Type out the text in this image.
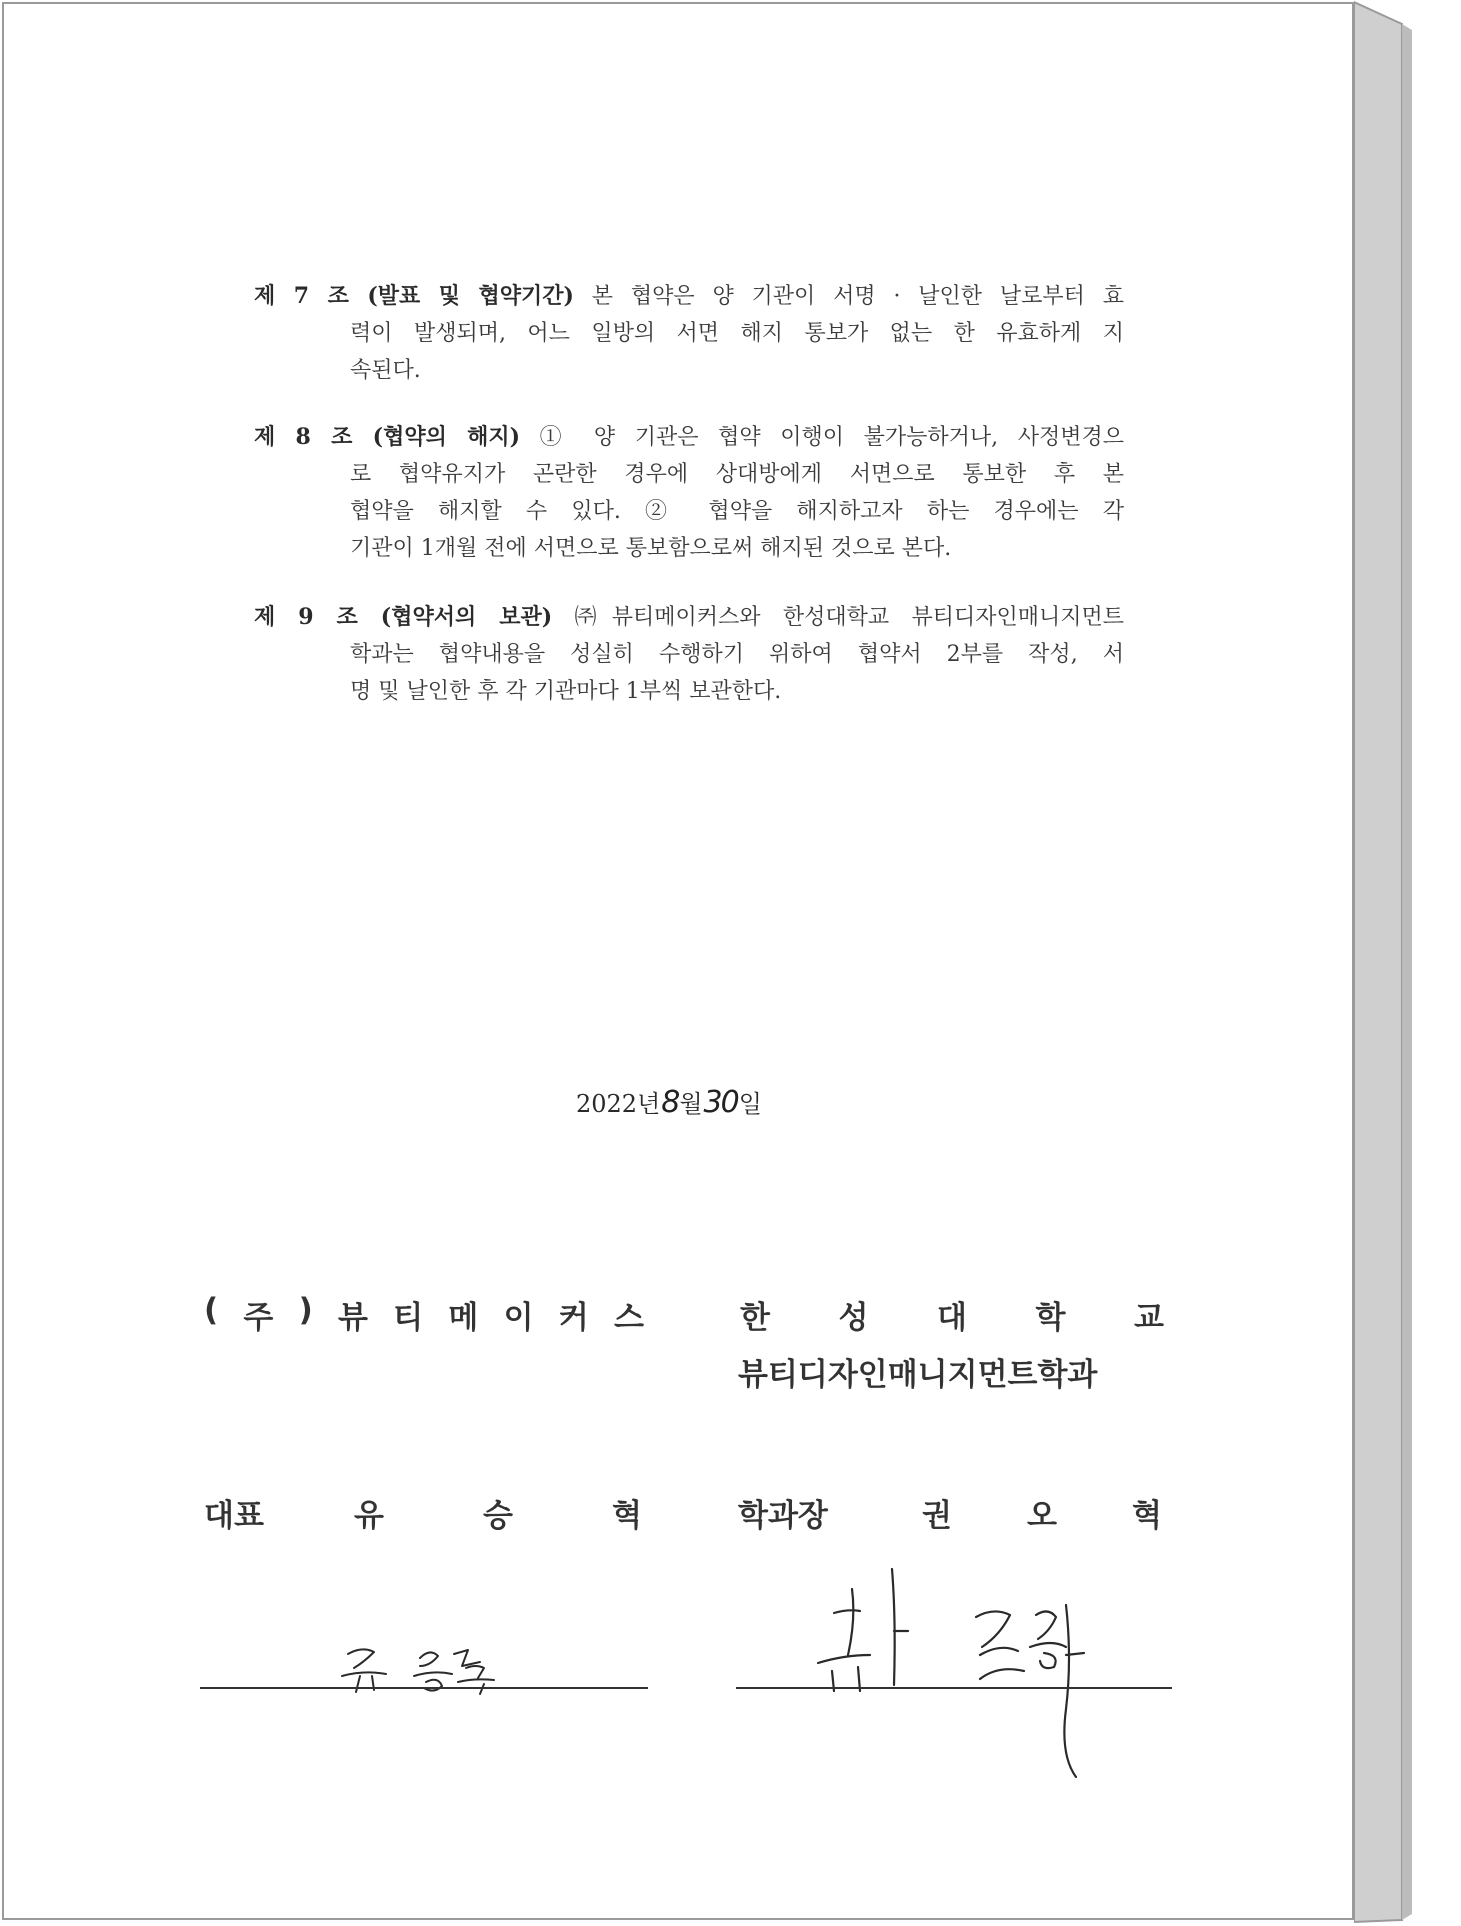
제 7 조 (발표 및 협약기간) 본 협약은 양 기관이 서명 · 날인한 날로부터 효
력이 발생되며, 어느 일방의 서면 해지 통보가 없는 한 유효하게 지
속된다.
제 8 조 (협약의 해지) ① 양 기관은 협약 이행이 불가능하거나, 사정변경으
로 협약유지가 곤란한 경우에 상대방에게 서면으로 통보한 후 본
협약을 해지할 수 있다. ② 협약을 해지하고자 하는 경우에는 각
기관이 1개월 전에 서면으로 통보함으로써 해지된 것으로 본다.
제 9 조 (협약서의 보관) ㈜뷰티메이커스와 한성대학교 뷰티디자인매니지먼트
학과는 협약내용을 성실히 수행하기 위하여 협약서 2부를 작성, 서
명 및 날인한 후 각 기관마다 1부씩 보관한다.
2022년8월30일
( 주 ) 뷰 티 메 이 커 스	한 성 대 학 교
뷰티디자인매니지먼트학과
대표	유	승	혁	학과장	권 오 혁
